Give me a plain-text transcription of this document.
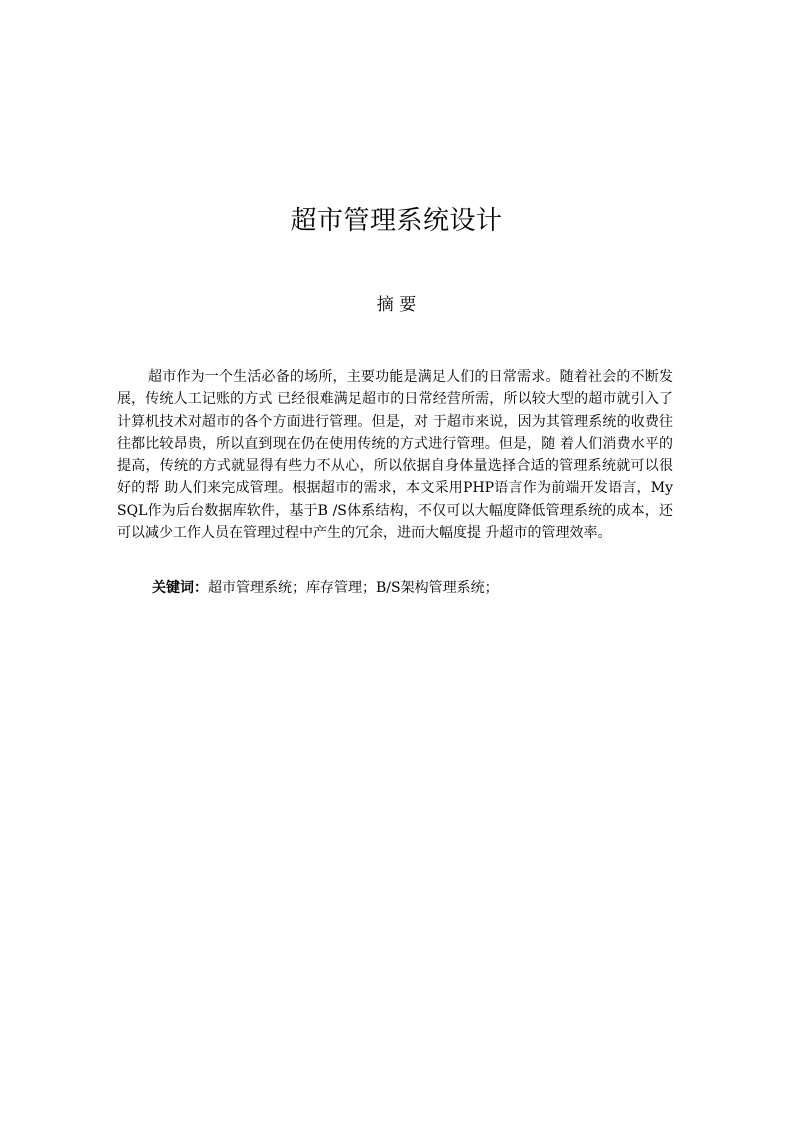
超市管理系统设计
摘 要

超市作为一个生活必备的场所，主要功能是满足人们的日常需求。随着社会的不断发展，传统人工记账的方式 已经很难满足超市的日常经营所需，所以较大型的超市就引入了计算机技术对超市的各个方面进行管理。但是，对 于超市来说，因为其管理系统的收费往往都比较昂贵，所以直到现在仍在使用传统的方式进行管理。但是，随 着人们消费水平的提高，传统的方式就显得有些力不从心，所以依据自身体量选择合适的管理系统就可以很好的帮 助人们来完成管理。根据超市的需求，本文采用PHP语言作为前端开发语言，MySQL作为后台数据库软件，基于B /S体系结构，不仅可以大幅度降低管理系统的成本，还可以减少工作人员在管理过程中产生的冗余，进而大幅度提 升超市的管理效率。

关键词：超市管理系统；库存管理；B/S架构管理系统；
